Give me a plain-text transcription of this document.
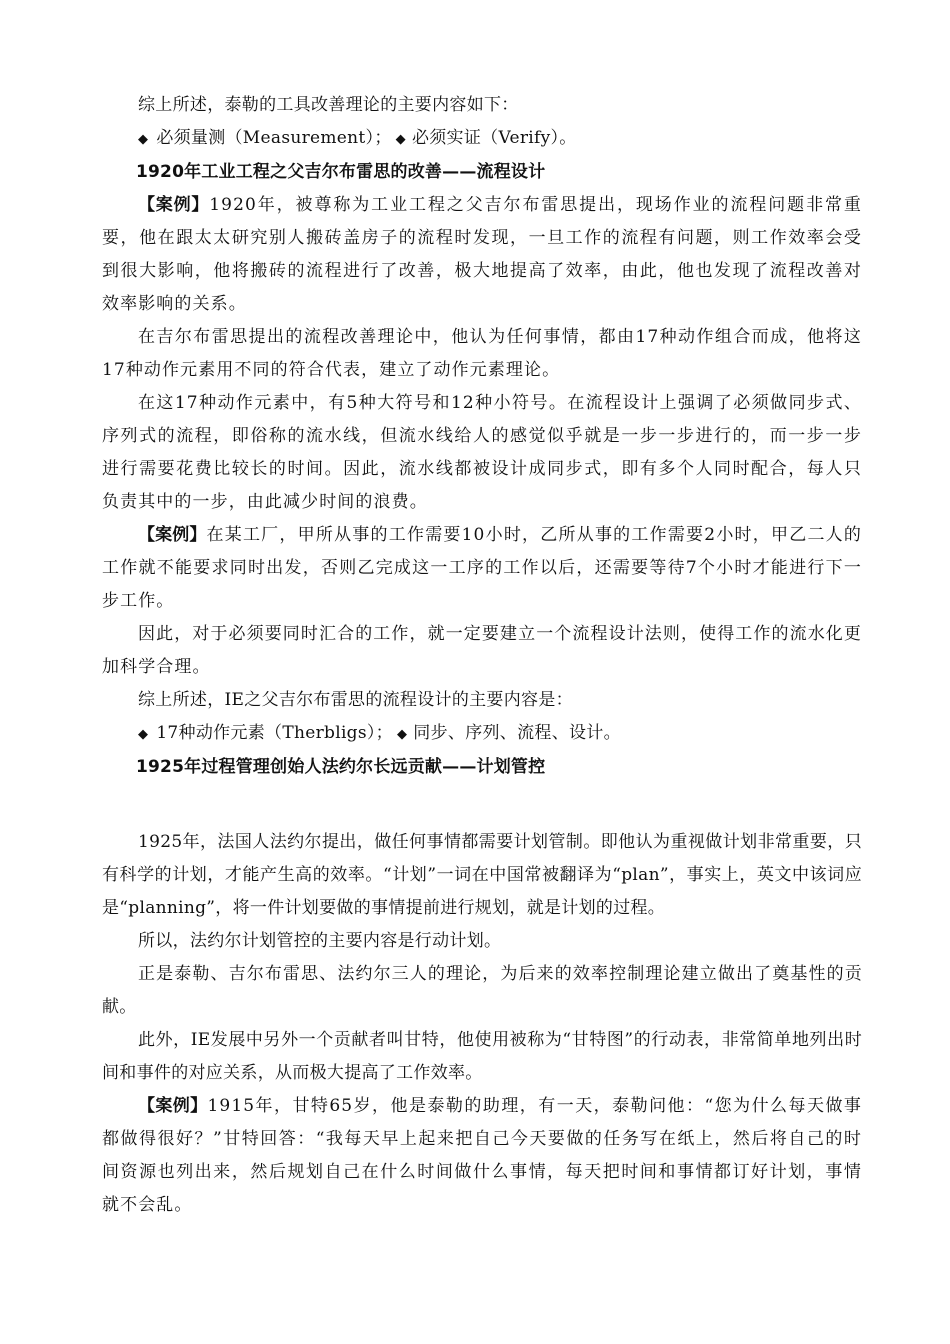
综上所述，泰勒的工具改善理论的主要内容如下：

◆ 必须量测（Measurement）； ◆ 必须实证（Verify）。

1920年工业工程之父吉尔布雷思的改善——流程设计

【案例】1920年，被尊称为工业工程之父吉尔布雷思提出，现场作业的流程问题非常重要，他在跟太太研究别人搬砖盖房子的流程时发现，一旦工作的流程有问题，则工作效率会受到很大影响，他将搬砖的流程进行了改善，极大地提高了效率，由此，他也发现了流程改善对效率影响的关系。

在吉尔布雷思提出的流程改善理论中，他认为任何事情，都由17种动作组合而成，他将这17种动作元素用不同的符合代表，建立了动作元素理论。

在这17种动作元素中，有5种大符号和12种小符号。在流程设计上强调了必须做同步式、序列式的流程，即俗称的流水线，但流水线给人的感觉似乎就是一步一步进行的，而一步一步进行需要花费比较长的时间。因此，流水线都被设计成同步式，即有多个人同时配合，每人只负责其中的一步，由此减少时间的浪费。

【案例】在某工厂，甲所从事的工作需要10小时，乙所从事的工作需要2小时，甲乙二人的工作就不能要求同时出发，否则乙完成这一工序的工作以后，还需要等待7个小时才能进行下一步工作。

因此，对于必须要同时汇合的工作，就一定要建立一个流程设计法则，使得工作的流水化更加科学合理。

综上所述，IE之父吉尔布雷思的流程设计的主要内容是：

◆ 17种动作元素（Therbligs）； ◆ 同步、序列、流程、设计。

1925年过程管理创始人法约尔长远贡献——计划管控

1925年，法国人法约尔提出，做任何事情都需要计划管制。即他认为重视做计划非常重要，只有科学的计划，才能产生高的效率。“计划”一词在中国常被翻译为“plan”，事实上，英文中该词应是“planning”，将一件计划要做的事情提前进行规划，就是计划的过程。

所以，法约尔计划管控的主要内容是行动计划。

正是泰勒、吉尔布雷思、法约尔三人的理论，为后来的效率控制理论建立做出了奠基性的贡献。

此外，IE发展中另外一个贡献者叫甘特，他使用被称为“甘特图”的行动表，非常简单地列出时间和事件的对应关系，从而极大提高了工作效率。

【案例】1915年，甘特65岁，他是泰勒的助理，有一天，泰勒问他：“您为什么每天做事都做得很好？”甘特回答：“我每天早上起来把自己今天要做的任务写在纸上，然后将自己的时间资源也列出来，然后规划自己在什么时间做什么事情，每天把时间和事情都订好计划，事情就不会乱。
